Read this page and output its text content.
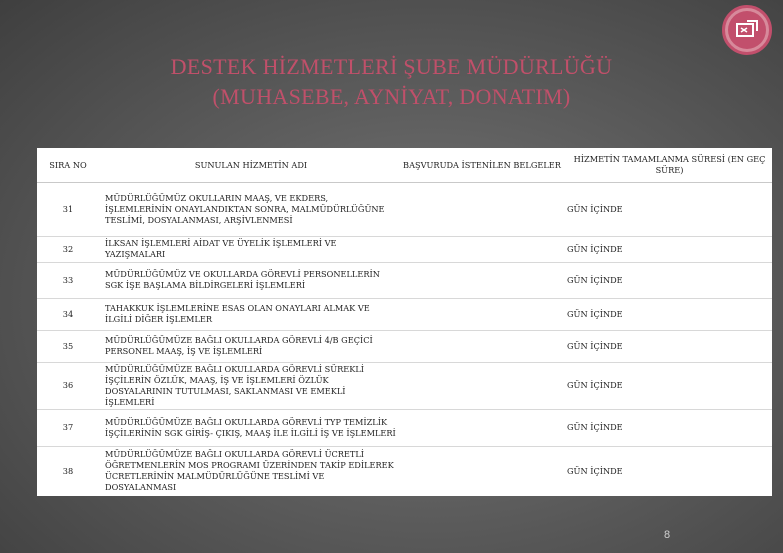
DESTEK HİZMETLERİ ŞUBE MÜDÜRLÜĞÜ
(MUHASEBE, AYNİYAT, DONATIM)
SIRA NO	SUNULAN HİZMETİN ADI	BAŞVURUDA İSTENİLEN BELGELER
HİZMETİN TAMAMLANMA SÜRESİ (EN GEÇ SÜRE)
31
MÜDÜRLÜĞÜMÜZ OKULLARIN MAAŞ, VE EKDERS, İŞLEMLERİNİN ONAYLANDIKTAN SONRA, MALMÜDÜRLÜĞÜNE TESLİMİ, DOSYALANMASI, ARŞİVLENMESİ
GÜN İÇİNDE
32
İLKSAN İŞLEMLERİ AİDAT VE ÜYELİK İŞLEMLERİ VE YAZIŞMALARI
GÜN İÇİNDE
33
MÜDÜRLÜĞÜMÜZ VE OKULLARDA GÖREVLİ PERSONELLERİN SGK İŞE BAŞLAMA BİLDİRGELERİ İŞLEMLERİ
GÜN İÇİNDE
34
TAHAKKUK İŞLEMLERİNE ESAS OLAN ONAYLARI ALMAK VE İLGİLİ DİĞER İŞLEMLER
GÜN İÇİNDE
35
MÜDÜRLÜĞÜMÜZE BAĞLI OKULLARDA GÖREVLİ 4/B GEÇİCİ PERSONEL MAAŞ, İŞ VE İŞLEMLERİ
GÜN İÇİNDE
36
MÜDÜRLÜĞÜMÜZE BAĞLI OKULLARDA GÖREVLİ SÜREKLİ İŞÇİLERİN ÖZLÜK, MAAŞ, İŞ VE İŞLEMLERİ ÖZLÜK DOSYALARININ TUTULMASI, SAKLANMASI VE EMEKLİ İŞLEMLERİ
GÜN İÇİNDE
37
MÜDÜRLÜĞÜMÜZE BAĞLI OKULLARDA GÖREVLİ TYP TEMİZLİK İŞÇİLERİNİN SGK GİRİŞ- ÇIKIŞ, MAAŞ İLE İLGİLİ İŞ VE İŞLEMLERİ
GÜN İÇİNDE
38
MÜDÜRLÜĞÜMÜZE BAĞLI OKULLARDA GÖREVLİ ÜCRETLİ ÖĞRETMENLERİN MOS PROGRAMI ÜZERİNDEN TAKİP EDİLEREK ÜCRETLERİNİN MALMÜDÜRLÜĞÜNE TESLİMİ VE DOSYALANMASI
GÜN İÇİNDE
8
